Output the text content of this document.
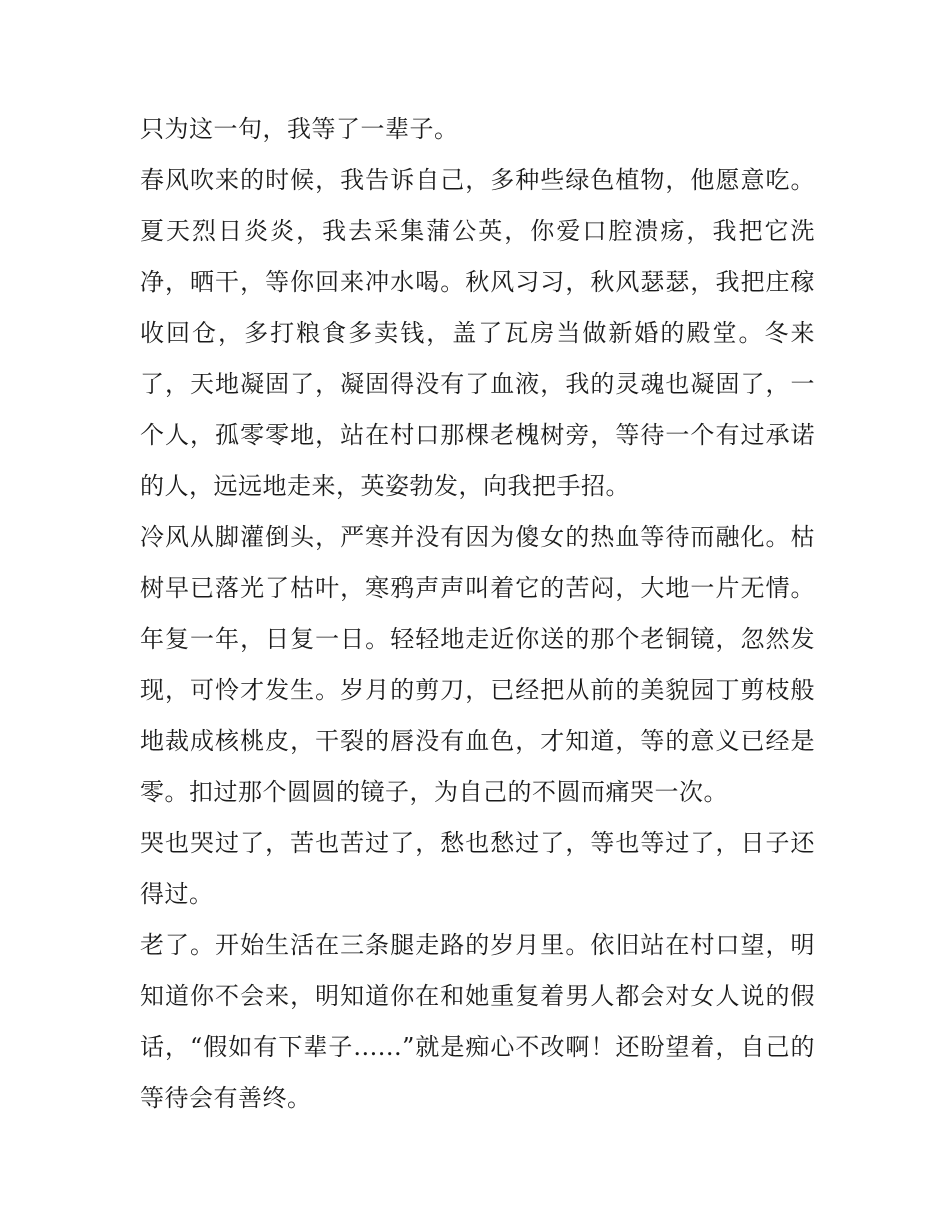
只为这一句，我等了一辈子。

春风吹来的时候，我告诉自己，多种些绿色植物，他愿意吃。夏天烈日炎炎，我去采集蒲公英，你爱口腔溃疡，我把它洗净，晒干，等你回来冲水喝。秋风习习，秋风瑟瑟，我把庄稼收回仓，多打粮食多卖钱，盖了瓦房当做新婚的殿堂。冬来了，天地凝固了，凝固得没有了血液，我的灵魂也凝固了，一个人，孤零零地，站在村口那棵老槐树旁，等待一个有过承诺的人，远远地走来，英姿勃发，向我把手招。

冷风从脚灌倒头，严寒并没有因为傻女的热血等待而融化。枯树早已落光了枯叶，寒鸦声声叫着它的苦闷，大地一片无情。年复一年，日复一日。轻轻地走近你送的那个老铜镜，忽然发现，可怜才发生。岁月的剪刀，已经把从前的美貌园丁剪枝般地裁成核桃皮，干裂的唇没有血色，才知道，等的意义已经是零。扣过那个圆圆的镜子，为自己的不圆而痛哭一次。

哭也哭过了，苦也苦过了，愁也愁过了，等也等过了，日子还得过。

老了。开始生活在三条腿走路的岁月里。依旧站在村口望，明知道你不会来，明知道你在和她重复着男人都会对女人说的假话，“假如有下辈子......”就是痴心不改啊！还盼望着，自己的等待会有善终。
